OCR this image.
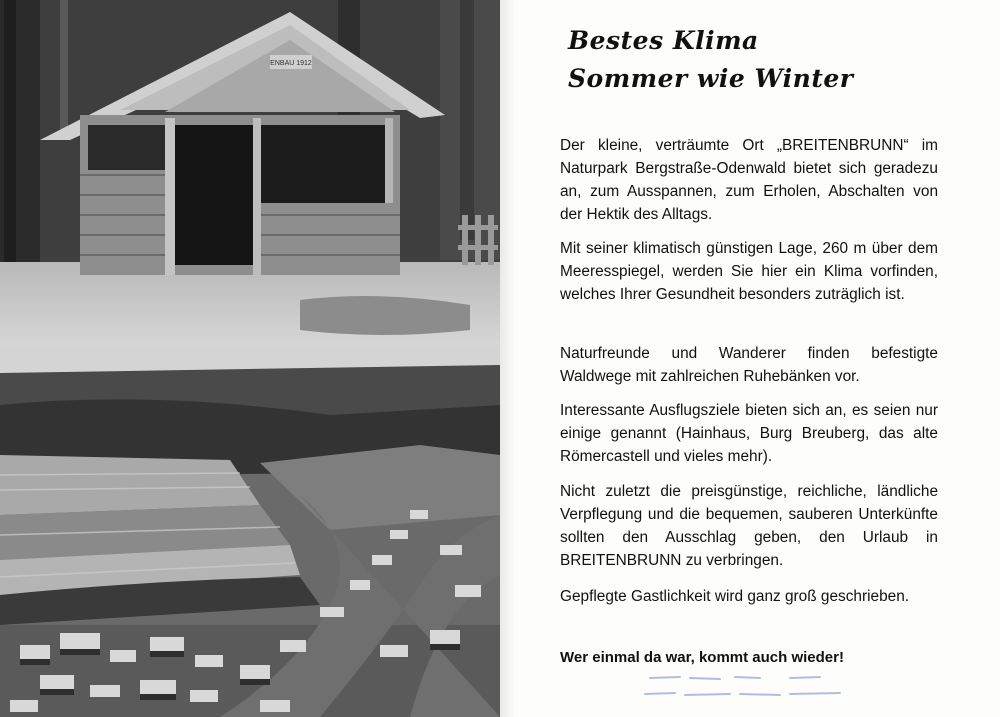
ENBAU 1912
Bestes Klima
Sommer wie Winter

Der kleine, verträumte Ort „BREITENBRUNN“ im Naturpark Bergstraße-Odenwald bietet sich geradezu an, zum Ausspannen, zum Erholen, Abschalten von der Hektik des Alltags.

Mit seiner klimatisch günstigen Lage, 260 m über dem Meeresspiegel, werden Sie hier ein Klima vorfinden, welches Ihrer Gesundheit besonders zuträglich ist.

Naturfreunde und Wanderer finden befestigte Waldwege mit zahlreichen Ruhebänken vor.

Interessante Ausflugsziele bieten sich an, es seien nur einige genannt (Hainhaus, Burg Breuberg, das alte Römercastell und vieles mehr).

Nicht zuletzt die preisgünstige, reichliche, ländliche Verpflegung und die bequemen, sauberen Unterkünfte sollten den Ausschlag geben, den Urlaub in BREITENBRUNN zu verbringen.

Gepflegte Gastlichkeit wird ganz groß geschrieben.

Wer einmal da war, kommt auch wieder!
